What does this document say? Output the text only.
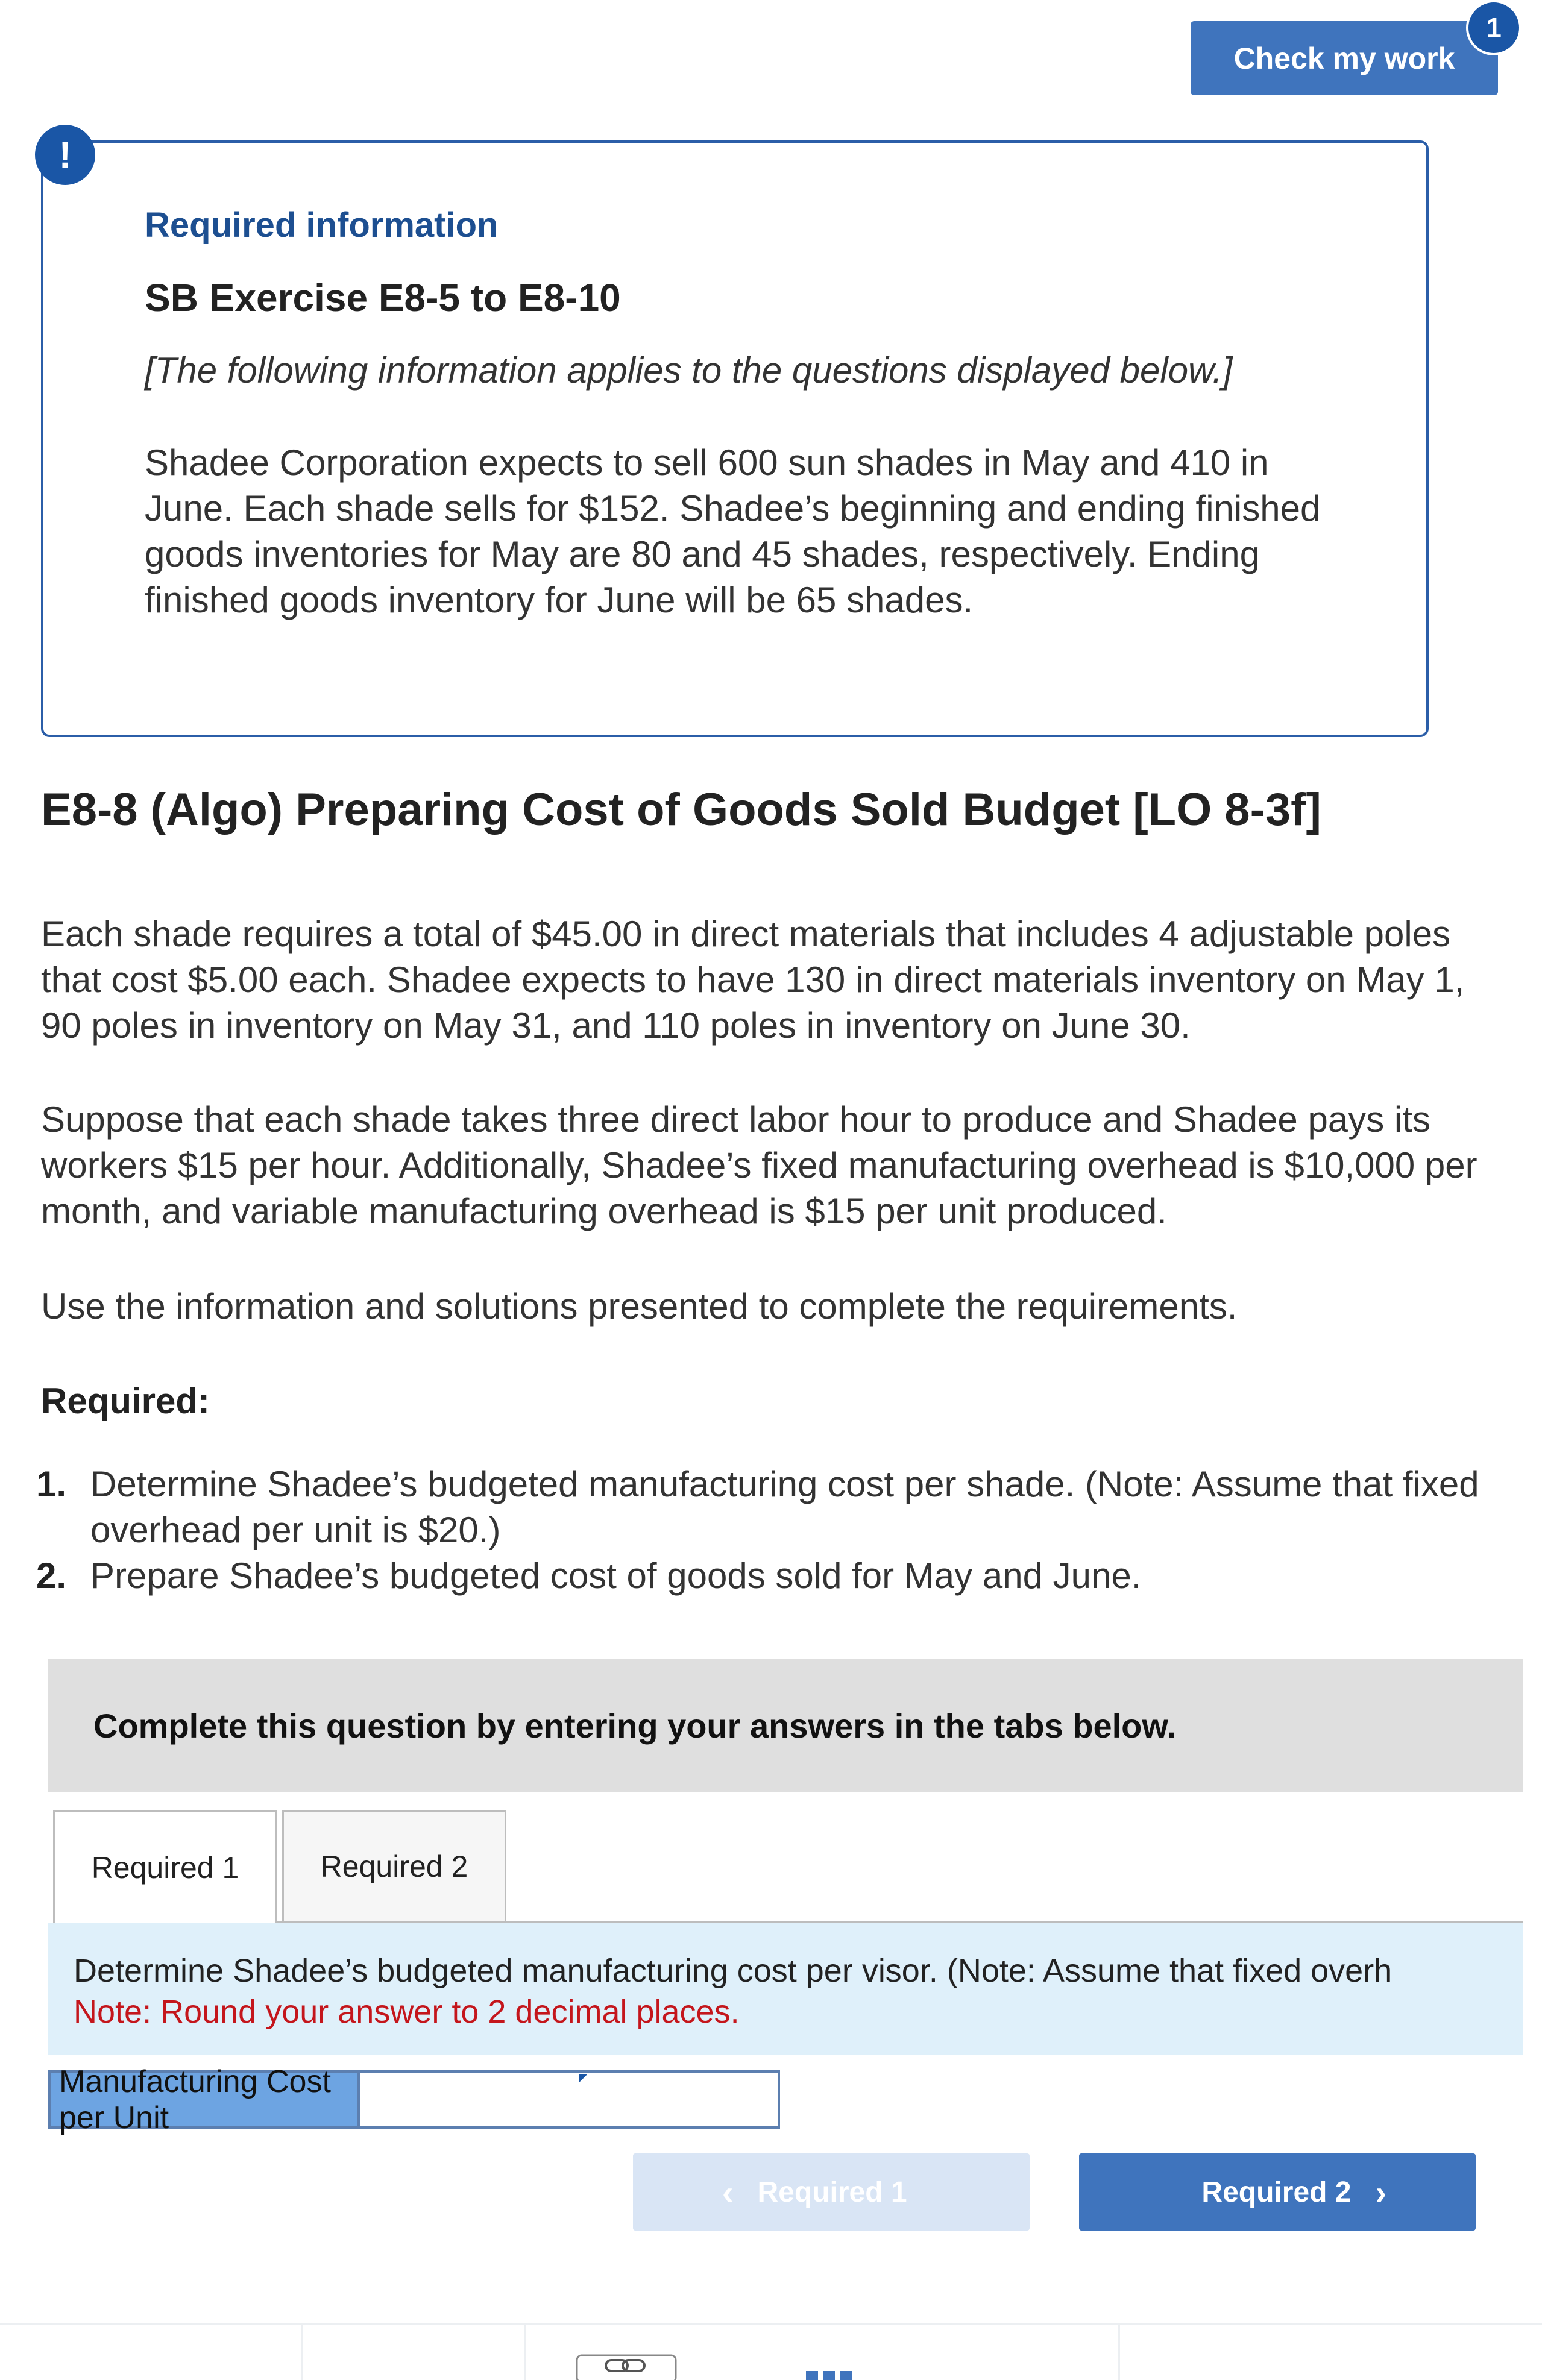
Check my work
1
!
Required information
SB Exercise E8-5 to E8-10
[The following information applies to the questions displayed below.]
Shadee Corporation expects to sell 600 sun shades in May and 410 in June. Each shade sells for $152. Shadee’s beginning and ending finished goods inventories for May are 80 and 45 shades, respectively. Ending finished goods inventory for June will be 65 shades.
E8-8 (Algo) Preparing Cost of Goods Sold Budget [LO 8-3f]
Each shade requires a total of $45.00 in direct materials that includes 4 adjustable poles that cost $5.00 each. Shadee expects to have 130 in direct materials inventory on May 1, 90 poles in inventory on May 31, and 110 poles in inventory on June 30.
Suppose that each shade takes three direct labor hour to produce and Shadee pays its workers $15 per hour. Additionally, Shadee’s fixed manufacturing overhead is $10,000 per month, and variable manufacturing overhead is $15 per unit produced.
Use the information and solutions presented to complete the requirements.
Required:
1. Determine Shadee’s budgeted manufacturing cost per shade. (Note: Assume that fixed overhead per unit is $20.)
2. Prepare Shadee’s budgeted cost of goods sold for May and June.
Complete this question by entering your answers in the tabs below.
Required 1	Required 2
Determine Shadee’s budgeted manufacturing cost per visor. (Note: Assume that fixed overh
Note: Round your answer to 2 decimal places.
Manufacturing Cost per Unit
‹ Required 1	Required 2 ›
